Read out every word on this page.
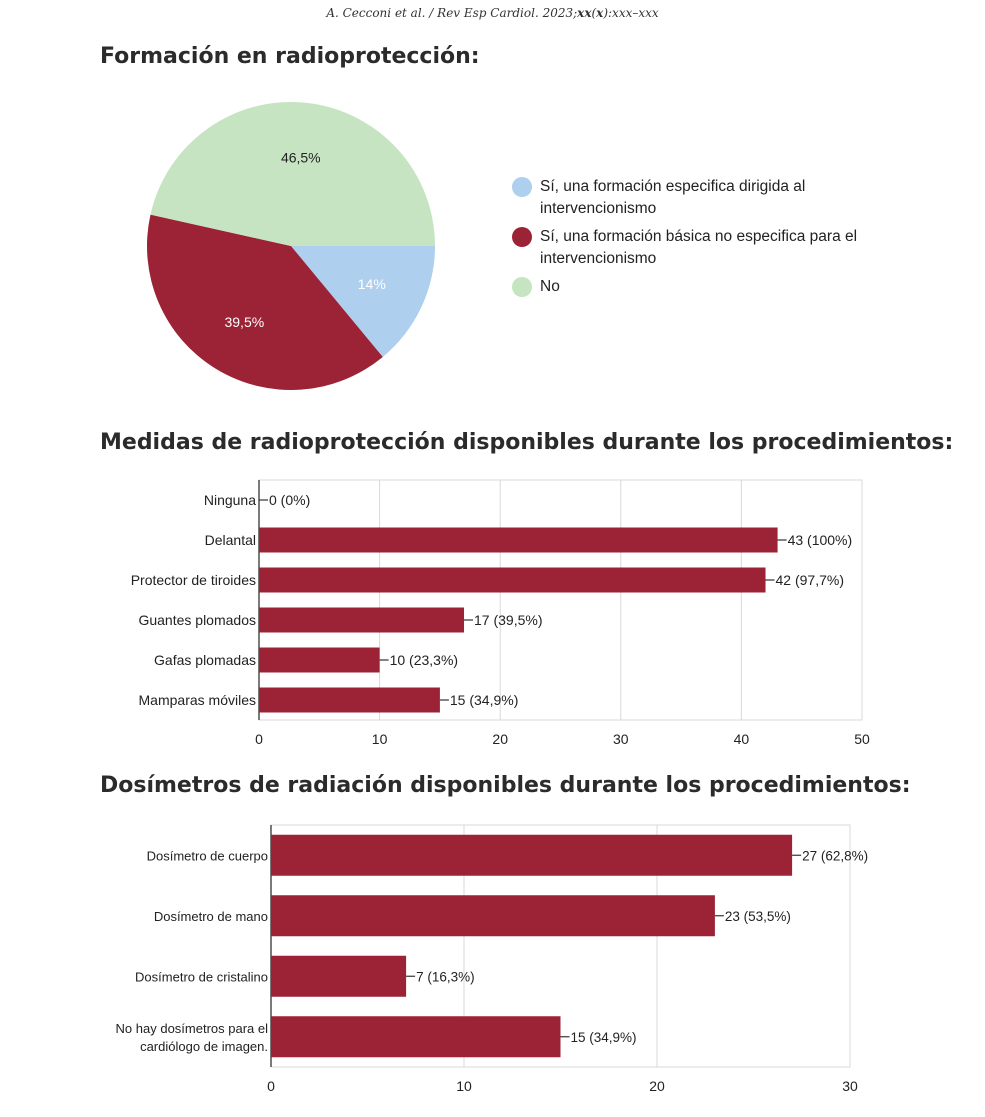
A. Cecconi et al. / Rev Esp Cardiol. 2023;xx(x):xxx–xxx
Formación en radioprotección:
14%
39,5%
46,5%
Sí, una formación especifica dirigida al intervencionismo
Sí, una formación básica no especifica para el intervencionismo
No
Medidas de radioprotección disponibles durante los procedimientos:
0	10	20	30	40	50
Ninguna 0 (0%)
Delantal	43 (100%)
Protector de tiroides	42 (97,7%)
Guantes plomados	17 (39,5%)
Gafas plomadas	10 (23,3%)
Mamparas móviles	15 (34,9%)
Dosímetros de radiación disponibles durante los procedimientos:
0	10	20	30
Dosímetro de cuerpo	27 (62,8%)
Dosímetro de mano	23 (53,5%)
Dosímetro de cristalino	7 (16,3%)
No hay dosímetros para el cardiólogo de imagen.
15 (34,9%)
